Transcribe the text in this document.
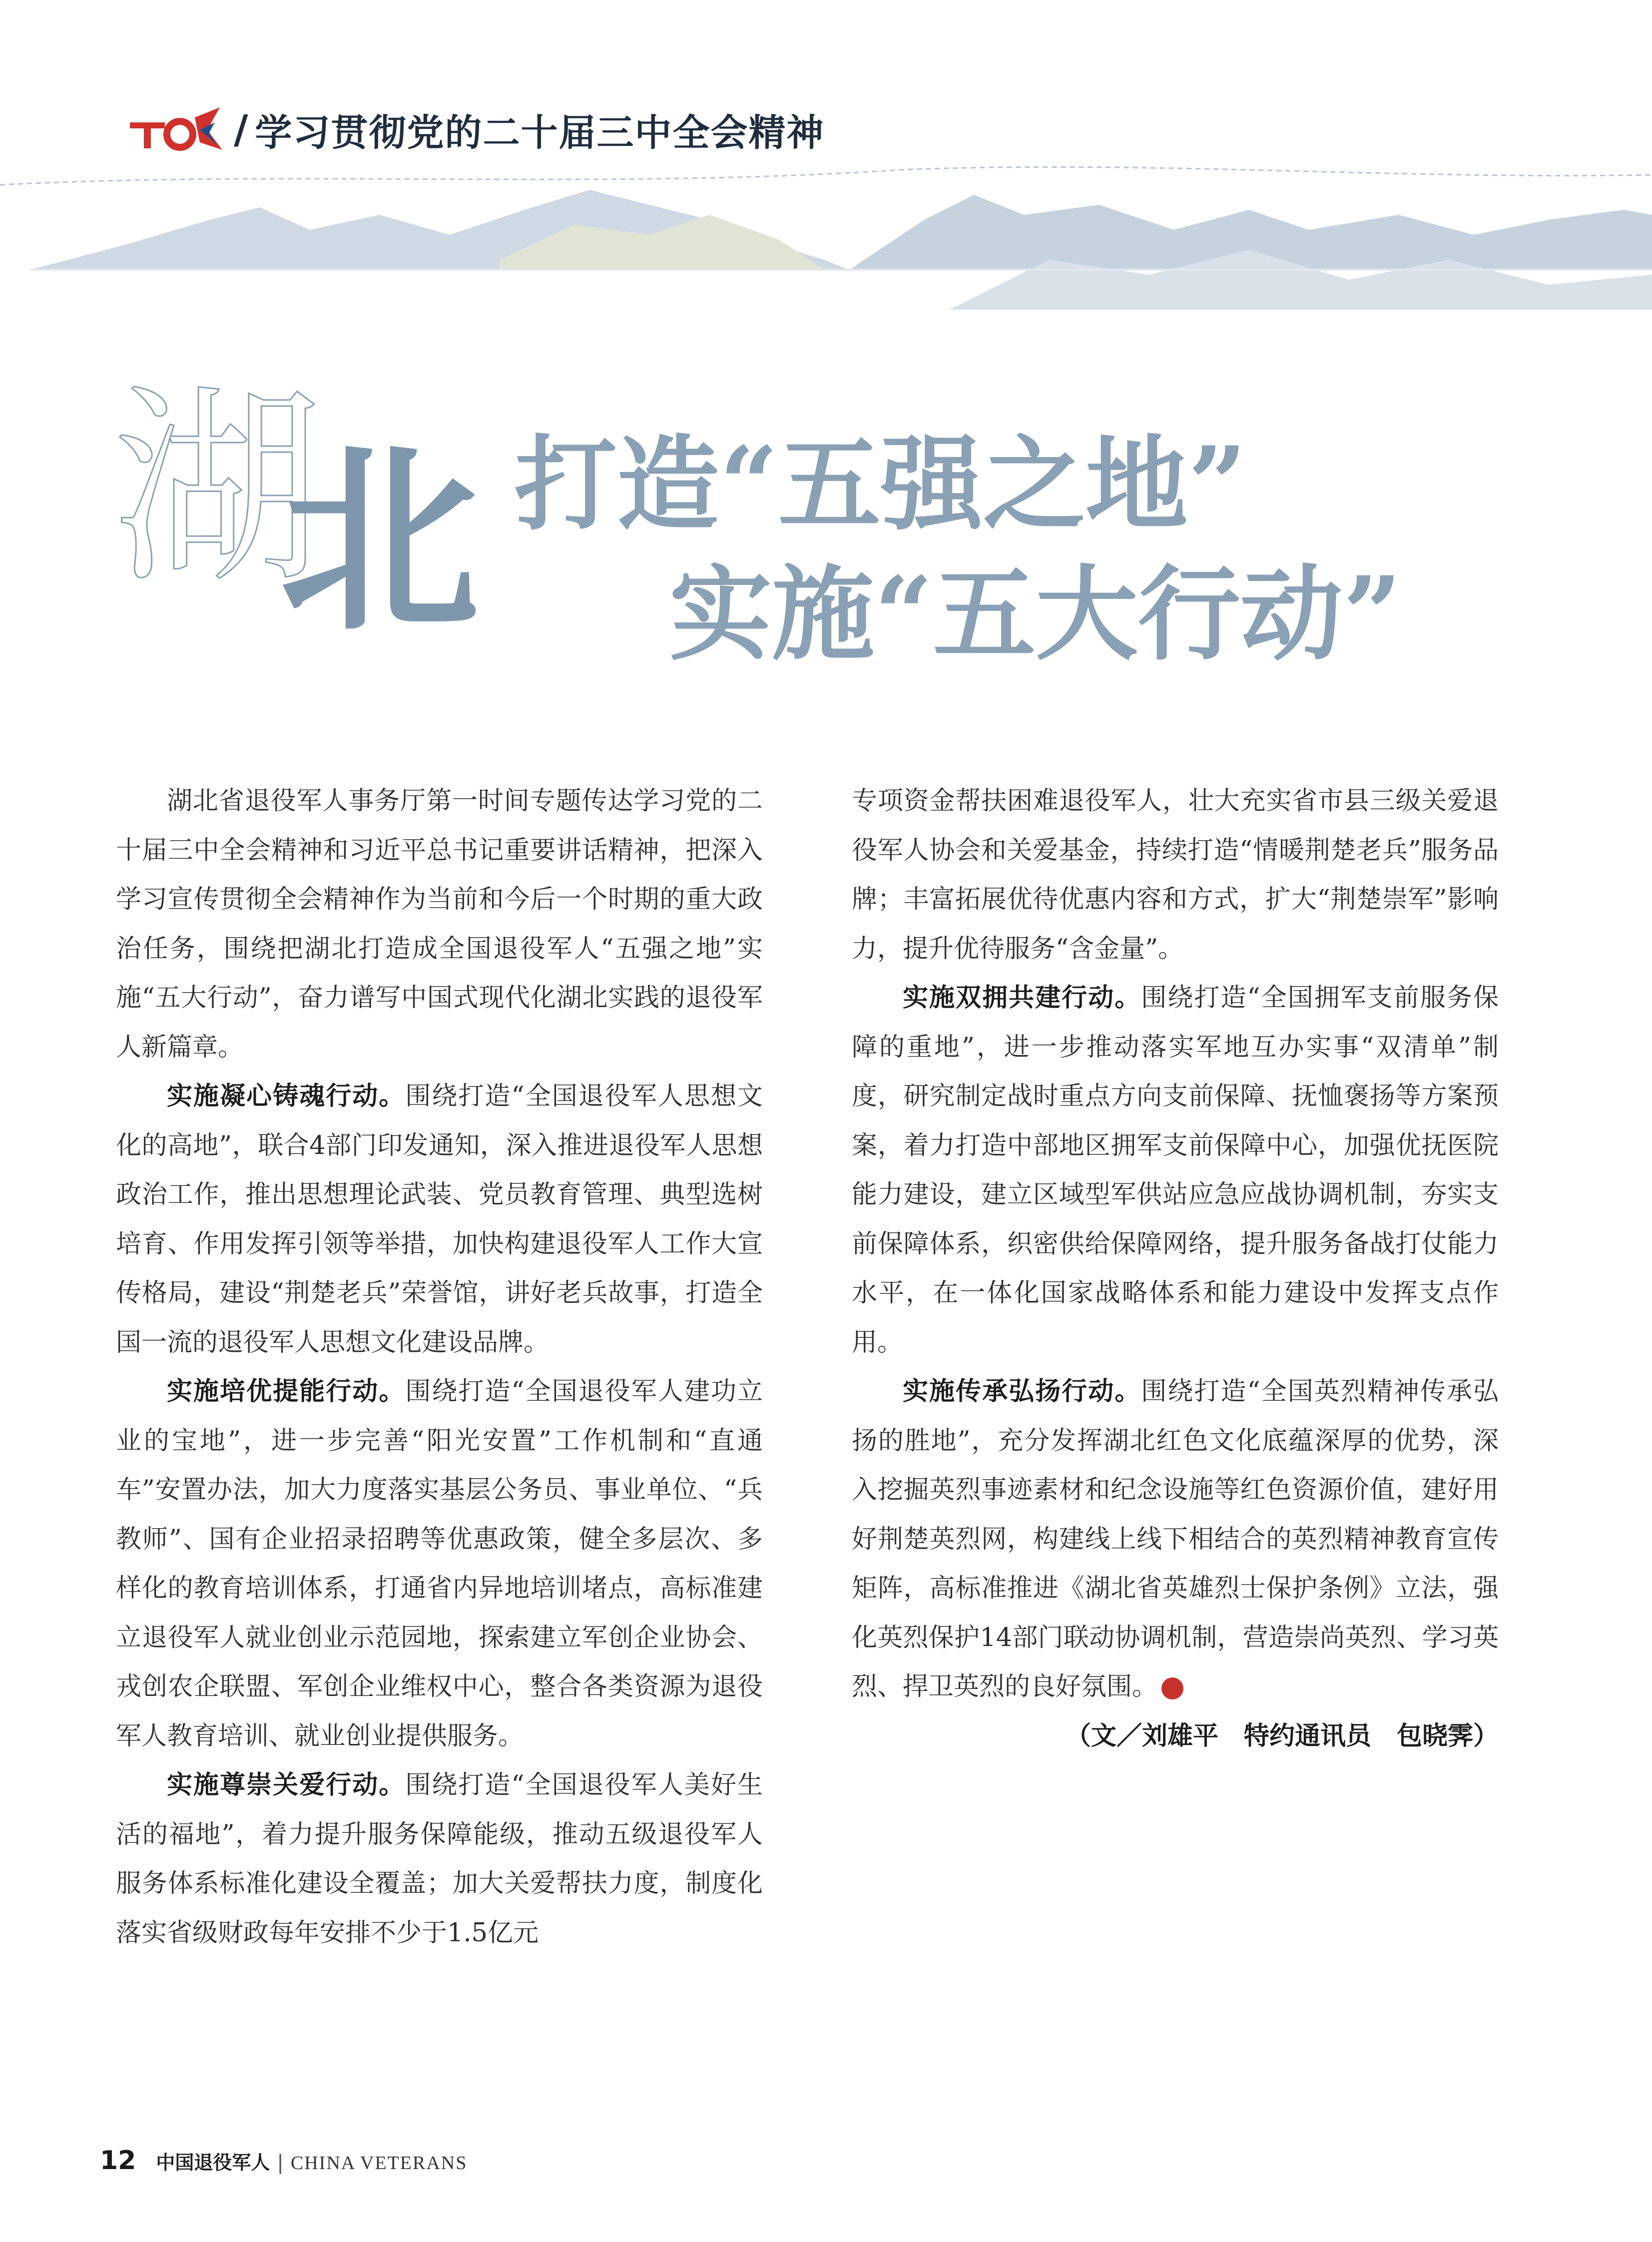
/ 学习贯彻党的二十届三中全会精神
湖
北 打造“五强之地”
实施“五大行动”

湖北省退役军人事务厅第一时间专题传达学习党的二十届三中全会精神和习近平总书记重要讲话精神，把深入学习宣传贯彻全会精神作为当前和今后一个时期的重大政治任务，围绕把湖北打造成全国退役军人“五强之地”实施“五大行动”，奋力谱写中国式现代化湖北实践的退役军人新篇章。

实施凝心铸魂行动。围绕打造“全国退役军人思想文化的高地”，联合4部门印发通知，深入推进退役军人思想政治工作，推出思想理论武装、党员教育管理、典型选树培育、作用发挥引领等举措，加快构建退役军人工作大宣传格局，建设“荆楚老兵”荣誉馆，讲好老兵故事，打造全国一流的退役军人思想文化建设品牌。

实施培优提能行动。围绕打造“全国退役军人建功立业的宝地”，进一步完善“阳光安置”工作机制和“直通车”安置办法，加大力度落实基层公务员、事业单位、“兵教师”、国有企业招录招聘等优惠政策，健全多层次、多样化的教育培训体系，打通省内异地培训堵点，高标准建立退役军人就业创业示范园地，探索建立军创企业协会、戎创农企联盟、军创企业维权中心，整合各类资源为退役军人教育培训、就业创业提供服务。

实施尊崇关爱行动。围绕打造“全国退役军人美好生活的福地”，着力提升服务保障能级，推动五级退役军人服务体系标准化建设全覆盖；加大关爱帮扶力度，制度化落实省级财政每年安排不少于1.5亿元

专项资金帮扶困难退役军人，壮大充实省市县三级关爱退役军人协会和关爱基金，持续打造“情暖荆楚老兵”服务品牌；丰富拓展优待优惠内容和方式，扩大“荆楚崇军”影响力，提升优待服务“含金量”。

实施双拥共建行动。围绕打造“全国拥军支前服务保障的重地”，进一步推动落实军地互办实事“双清单”制度，研究制定战时重点方向支前保障、抚恤褒扬等方案预案，着力打造中部地区拥军支前保障中心，加强优抚医院能力建设，建立区域型军供站应急应战协调机制，夯实支前保障体系，织密供给保障网络，提升服务备战打仗能力水平，在一体化国家战略体系和能力建设中发挥支点作用。

实施传承弘扬行动。围绕打造“全国英烈精神传承弘扬的胜地”，充分发挥湖北红色文化底蕴深厚的优势，深入挖掘英烈事迹素材和纪念设施等红色资源价值，建好用好荆楚英烈网，构建线上线下相结合的英烈精神教育宣传矩阵，高标准推进《湖北省英雄烈士保护条例》立法，强化英烈保护14部门联动协调机制，营造崇尚英烈、学习英烈、捍卫英烈的良好氛围。	V

（文／刘雄平　特约通讯员　包晓霁）

12 中国退役军人 | CHINA VETERANS
